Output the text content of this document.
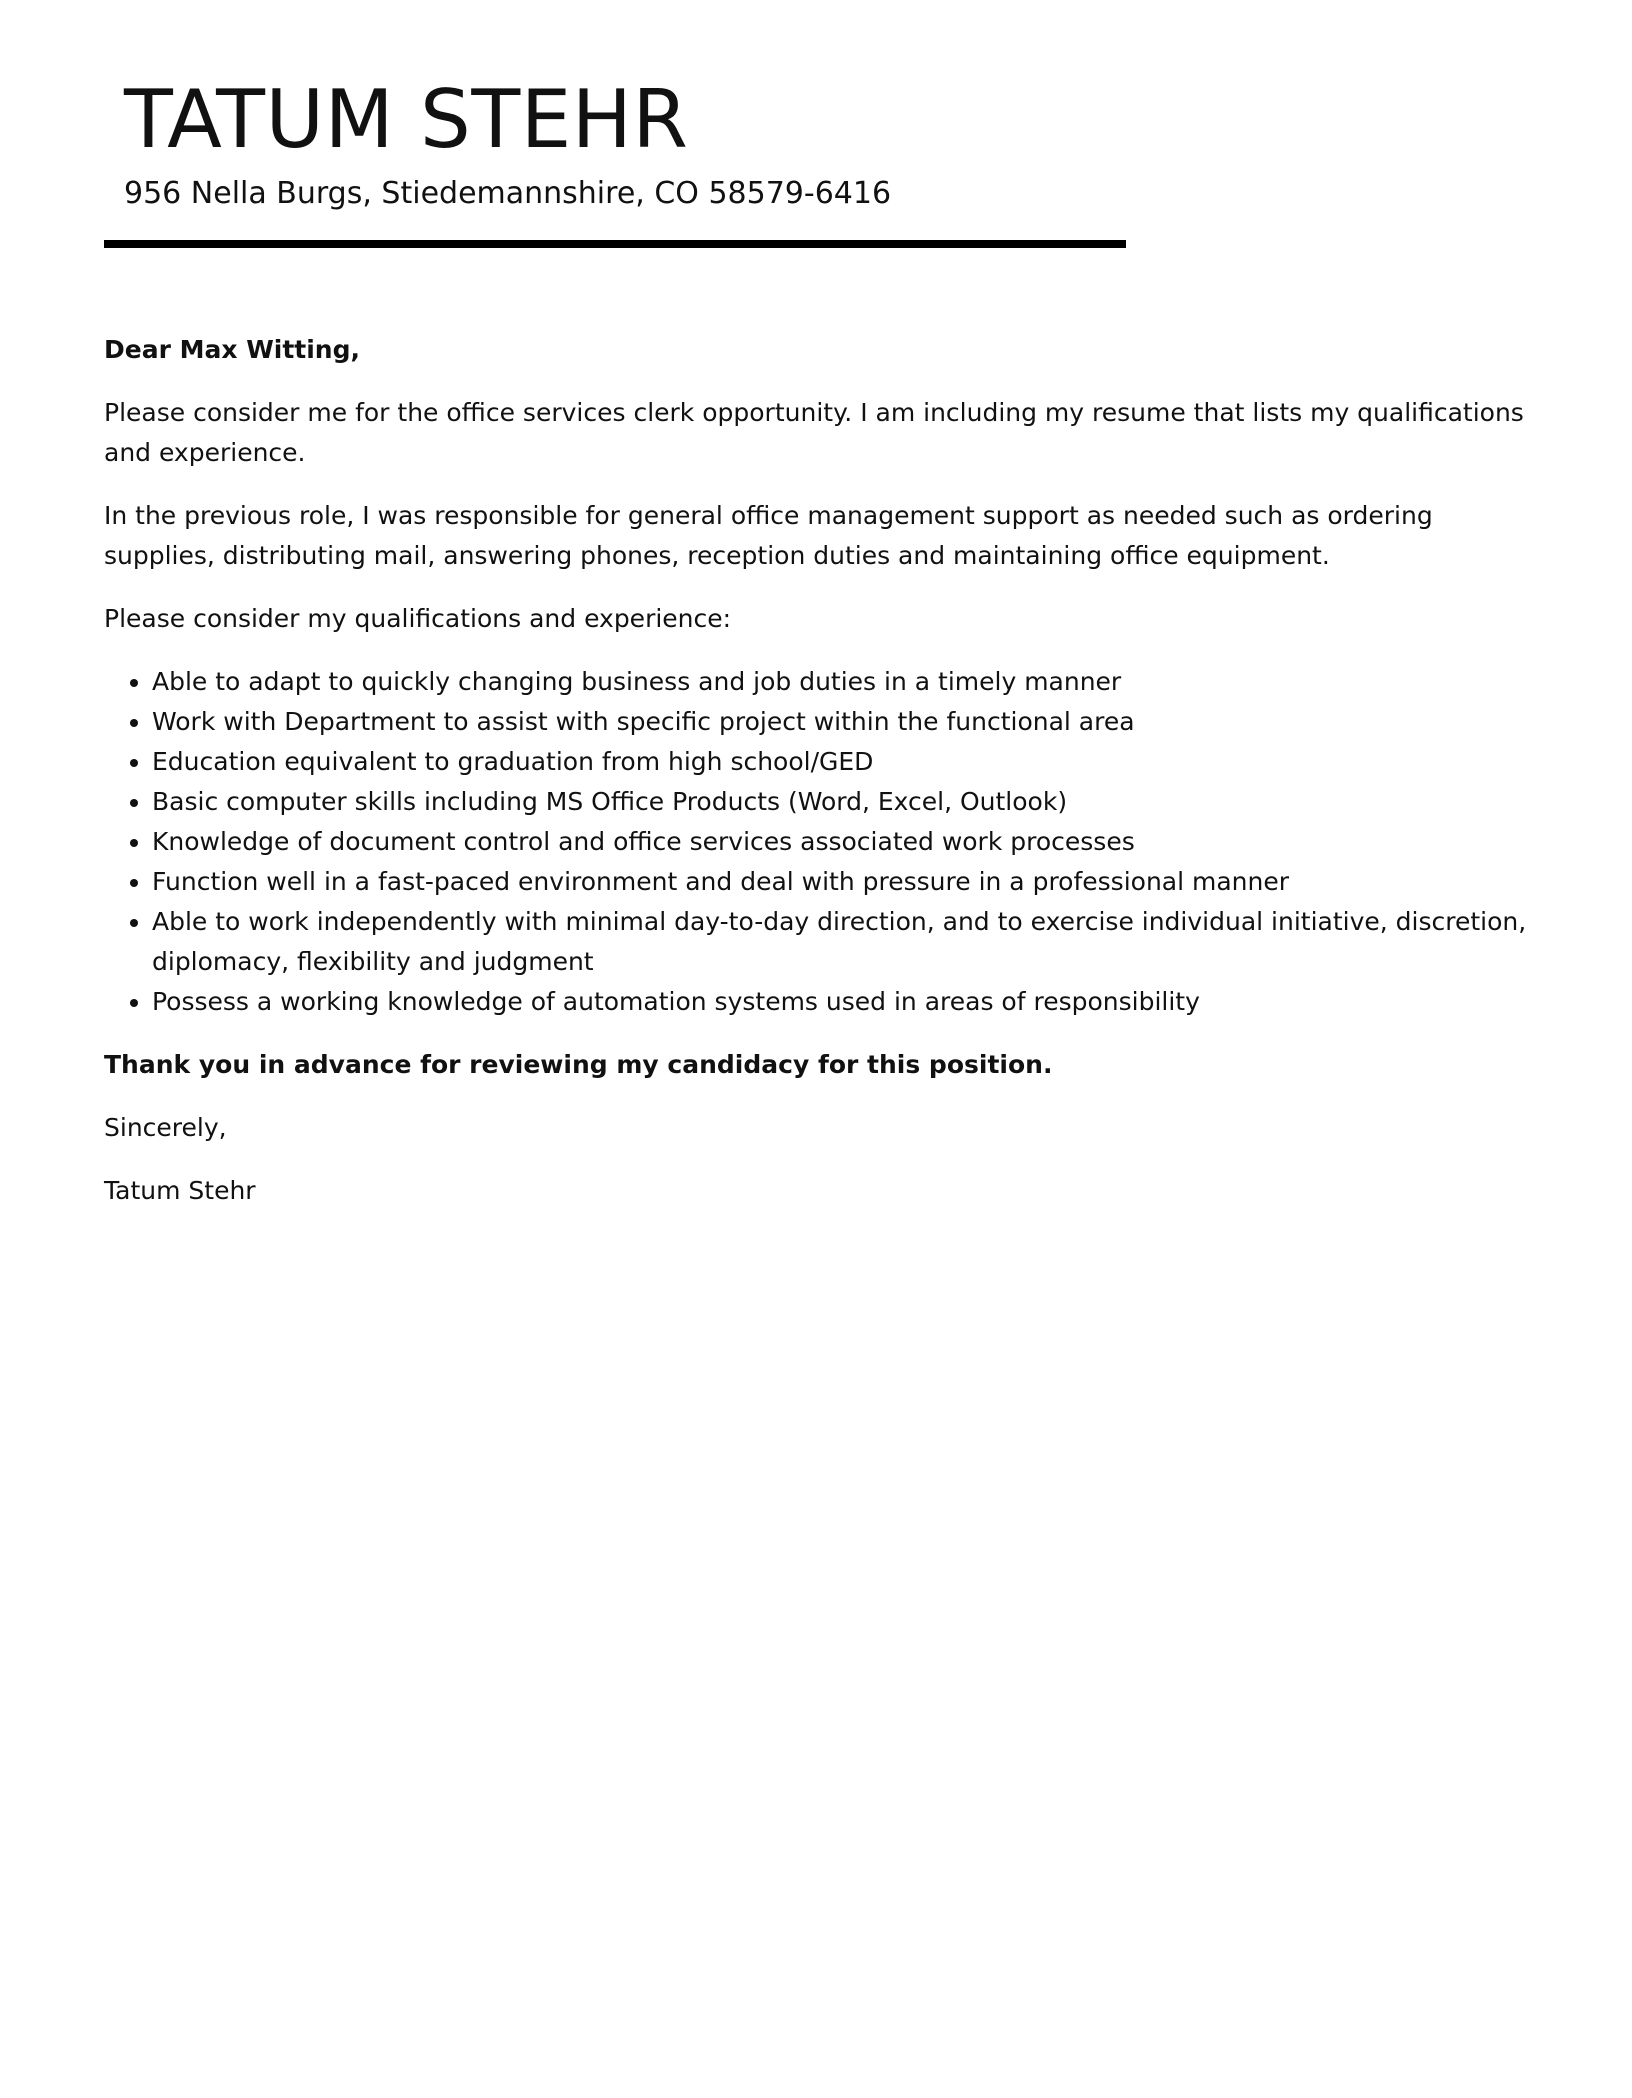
TATUM STEHR
956 Nella Burgs, Stiedemannshire, CO 58579-6416

Dear Max Witting,

Please consider me for the office services clerk opportunity. I am including my resume that lists my qualifications and experience.

In the previous role, I was responsible for general office management support as needed such as ordering supplies, distributing mail, answering phones, reception duties and maintaining office equipment.

Please consider my qualifications and experience:

• Able to adapt to quickly changing business and job duties in a timely manner
• Work with Department to assist with specific project within the functional area
• Education equivalent to graduation from high school/GED
• Basic computer skills including MS Office Products (Word, Excel, Outlook)
• Knowledge of document control and office services associated work processes
• Function well in a fast-paced environment and deal with pressure in a professional manner
• Able to work independently with minimal day-to-day direction, and to exercise individual initiative, discretion, diplomacy, flexibility and judgment
• Possess a working knowledge of automation systems used in areas of responsibility

Thank you in advance for reviewing my candidacy for this position.

Sincerely,

Tatum Stehr
